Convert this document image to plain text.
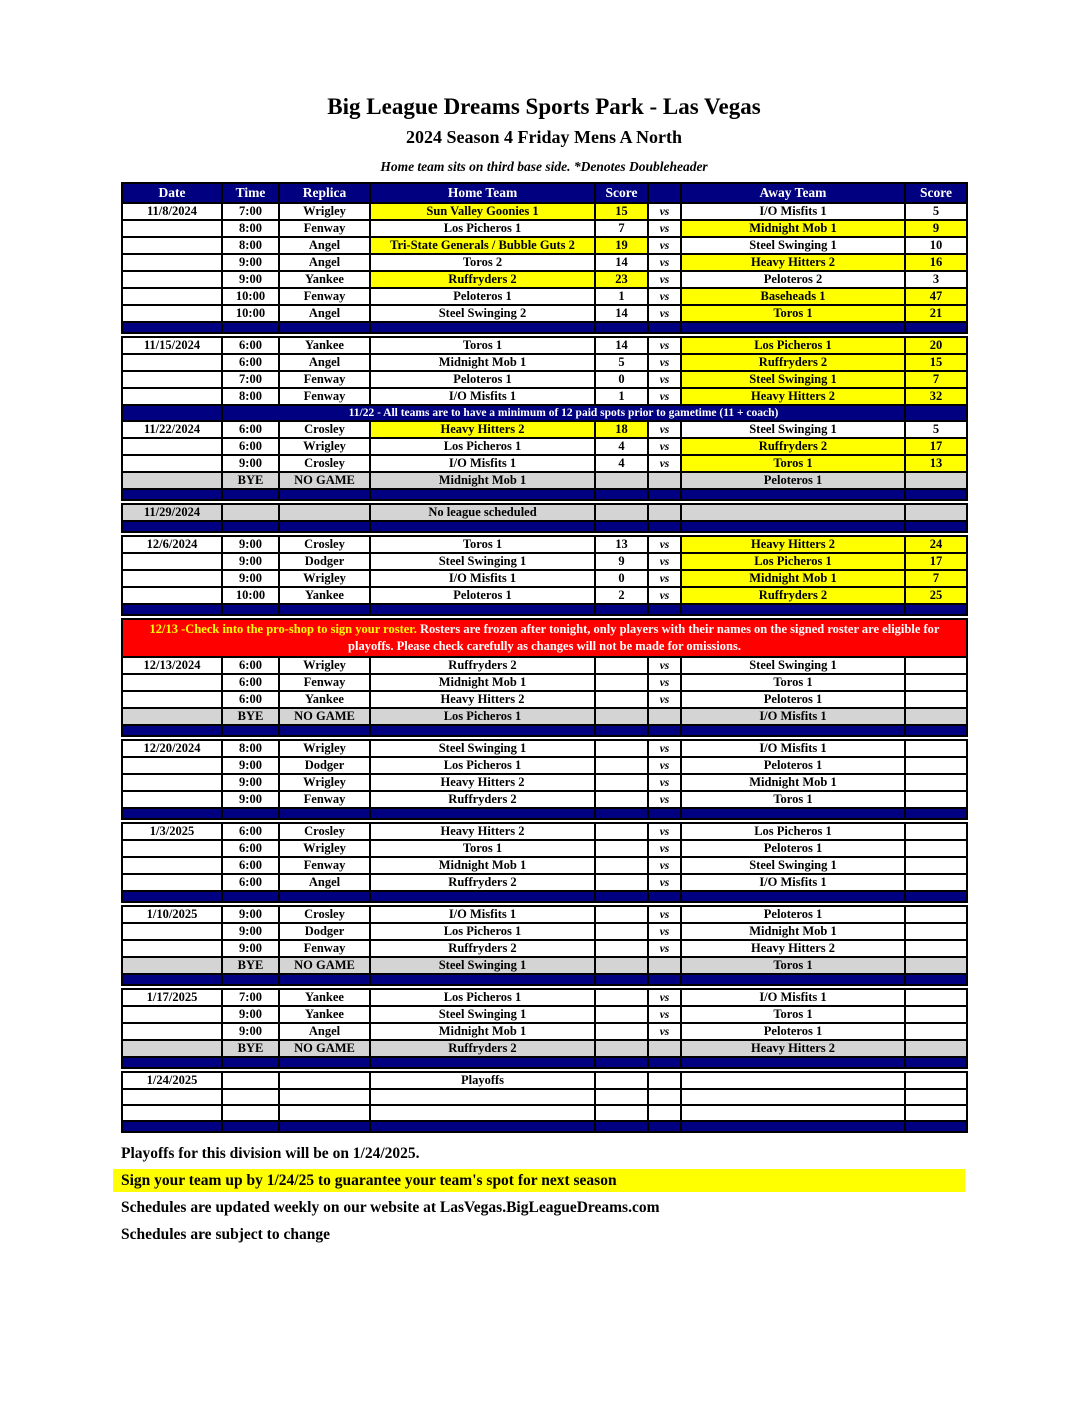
Big League Dreams Sports Park - Las Vegas
2024 Season 4 Friday Mens A North
Home team sits on third base side. *Denotes Doubleheader
Date	Time	Replica	Home Team	Score		Away Team	Score
11/8/2024	7:00	Wrigley	Sun Valley Goonies 1	15	vs	I/O Misfits 1	5
	8:00	Fenway	Los Picheros 1	7	vs	Midnight Mob 1	9
	8:00	Angel	Tri-State Generals / Bubble Guts 2	19	vs	Steel Swinging 1	10
	9:00	Angel	Toros 2	14	vs	Heavy Hitters 2	16
	9:00	Yankee	Ruffryders 2	23	vs	Peloteros 2	3
	10:00	Fenway	Peloteros 1	1	vs	Baseheads 1	47
	10:00	Angel	Steel Swinging 2	14	vs	Toros 1	21

11/15/2024	6:00	Yankee	Toros 1	14	vs	Los Picheros 1	20
	6:00	Angel	Midnight Mob 1	5	vs	Ruffryders 2	15
	7:00	Fenway	Peloteros 1	0	vs	Steel Swinging 1	7
	8:00	Fenway	I/O Misfits 1	1	vs	Heavy Hitters 2	32
	11/22 - All teams are to have a minimum of 12 paid spots prior to gametime (11 + coach)						
11/22/2024	6:00	Crosley	Heavy Hitters 2	18	vs	Steel Swinging 1	5
	6:00	Wrigley	Los Picheros 1	4	vs	Ruffryders 2	17
	9:00	Crosley	I/O Misfits 1	4	vs	Toros 1	13
	BYE	NO GAME	Midnight Mob 1			Peloteros 1	

11/29/2024			No league scheduled				

12/6/2024	9:00	Crosley	Toros 1	13	vs	Heavy Hitters 2	24
	9:00	Dodger	Steel Swinging 1	9	vs	Los Picheros 1	17
	9:00	Wrigley	I/O Misfits 1	0	vs	Midnight Mob 1	7
	10:00	Yankee	Peloteros 1	2	vs	Ruffryders 2	25

12/13 -Check into the pro-shop to sign your roster. Rosters are frozen after tonight, only players with their names on the signed roster are eligible for playoffs. Please check carefully as changes will not be made for omissions.							
12/13/2024	6:00	Wrigley	Ruffryders 2		vs	Steel Swinging 1	
	6:00	Fenway	Midnight Mob 1		vs	Toros 1	
	6:00	Yankee	Heavy Hitters 2		vs	Peloteros 1	
	BYE	NO GAME	Los Picheros 1			I/O Misfits 1	

12/20/2024	8:00	Wrigley	Steel Swinging 1		vs	I/O Misfits 1	
	9:00	Dodger	Los Picheros 1		vs	Peloteros 1	
	9:00	Wrigley	Heavy Hitters 2		vs	Midnight Mob 1	
	9:00	Fenway	Ruffryders 2		vs	Toros 1	

1/3/2025	6:00	Crosley	Heavy Hitters 2		vs	Los Picheros 1	
	6:00	Wrigley	Toros 1		vs	Peloteros 1	
	6:00	Fenway	Midnight Mob 1		vs	Steel Swinging 1	
	6:00	Angel	Ruffryders 2		vs	I/O Misfits 1	

1/10/2025	9:00	Crosley	I/O Misfits 1		vs	Peloteros 1	
	9:00	Dodger	Los Picheros 1		vs	Midnight Mob 1	
	9:00	Fenway	Ruffryders 2		vs	Heavy Hitters 2	
	BYE	NO GAME	Steel Swinging 1			Toros 1	

1/17/2025	7:00	Yankee	Los Picheros 1		vs	I/O Misfits 1	
	9:00	Yankee	Steel Swinging 1		vs	Toros 1	
	9:00	Angel	Midnight Mob 1		vs	Peloteros 1	
	BYE	NO GAME	Ruffryders 2			Heavy Hitters 2	

1/24/2025			Playoffs				

Playoffs for this division will be on 1/24/2025.
Sign your team up by 1/24/25 to guarantee your team's spot for next season
Schedules are updated weekly on our website at LasVegas.BigLeagueDreams.com
Schedules are subject to change
